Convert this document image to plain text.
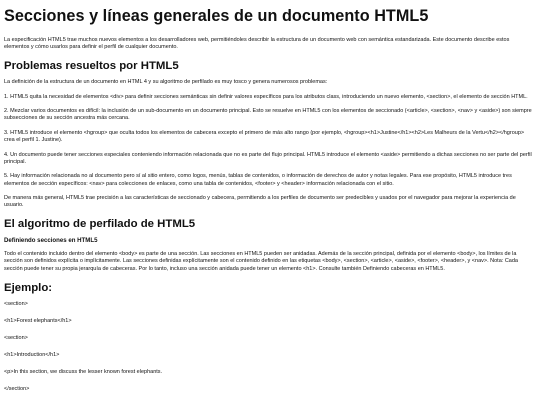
Secciones y líneas generales de un documento HTML5

La especificación HTML5 trae muchos nuevos elementos a los desarrolladores web, permitiéndoles describir la estructura de un documento web con semántica estandarizada. Este documento describe estos elementos y cómo usarlos para definir el perfil de cualquier documento.

Problemas resueltos por HTML5

La definición de la estructura de un documento en HTML 4 y su algoritmo de perfilado es muy tosco y genera numerosos problemas:

1. HTML5 quita la necesidad de elementos <div> para definir secciones semánticas sin definir valores específicos para los atributos class, introduciendo un nuevo elemento, <section>, el elemento de sección HTML.

2. Mezclar varios documentos es difícil: la inclusión de un sub-documento en un documento principal. Esto se resuelve en HTML5 con los elementos de seccionado (<article>, <section>, <nav> y <aside>) son siempre subsecciones de su sección ancestra más cercana.

3. HTML5 introduce el elemento <hgroup> que oculta todos los elementos de cabecera excepto el primero de más alto rango (por ejemplo, <hgroup><h1>Justine</h1><h2>Les Malheurs de la Vertu</h2></hgroup> crea el perfil 1. Justine).

4. Un documento puede tener secciones especiales conteniendo información relacionada que no es parte del flujo principal. HTML5 introduce el elemento <aside> permitiendo a dichas secciones no ser parte del perfil principal.

5. Hay información relacionada no al documento pero sí al sitio entero, como logos, menús, tablas de contenidos, o información de derechos de autor y notas legales. Para ese propósito, HTML5 introduce tres elementos de sección específicos: <nav> para colecciones de enlaces, como una tabla de contenidos, <footer> y <header> información relacionada con el sitio.

De manera más general, HTML5 trae precisión a las características de seccionado y cabecera, permitiendo a los perfiles de documento ser predecibles y usados por el navegador para mejorar la experiencia de usuario.

El algoritmo de perfilado de HTML5
Definiendo secciones en HTML5

Todo el contenido incluido dentro del elemento <body> es parte de una sección. Las secciones en HTML5 pueden ser anidadas. Además de la sección principal, definida por el elemento <body>, los límites de la sección son definidos explícita o implícitamente. Las secciones definidas explícitamente son el contenido definido en las etiquetas <body>, <section>, <article>, <aside>, <footer>, <header>, y <nav>. Nota: Cada sección puede tener su propia jerarquía de cabeceras. Por lo tanto, incluso una sección anidada puede tener un elemento <h1>. Consulte también Definiendo cabeceras en HTML5.

Ejemplo:

<section>

<h1>Forest elephants</h1>

<section>

<h1>Introduction</h1>

<p>In this section, we discuss the lesser known forest elephants.

</section>
